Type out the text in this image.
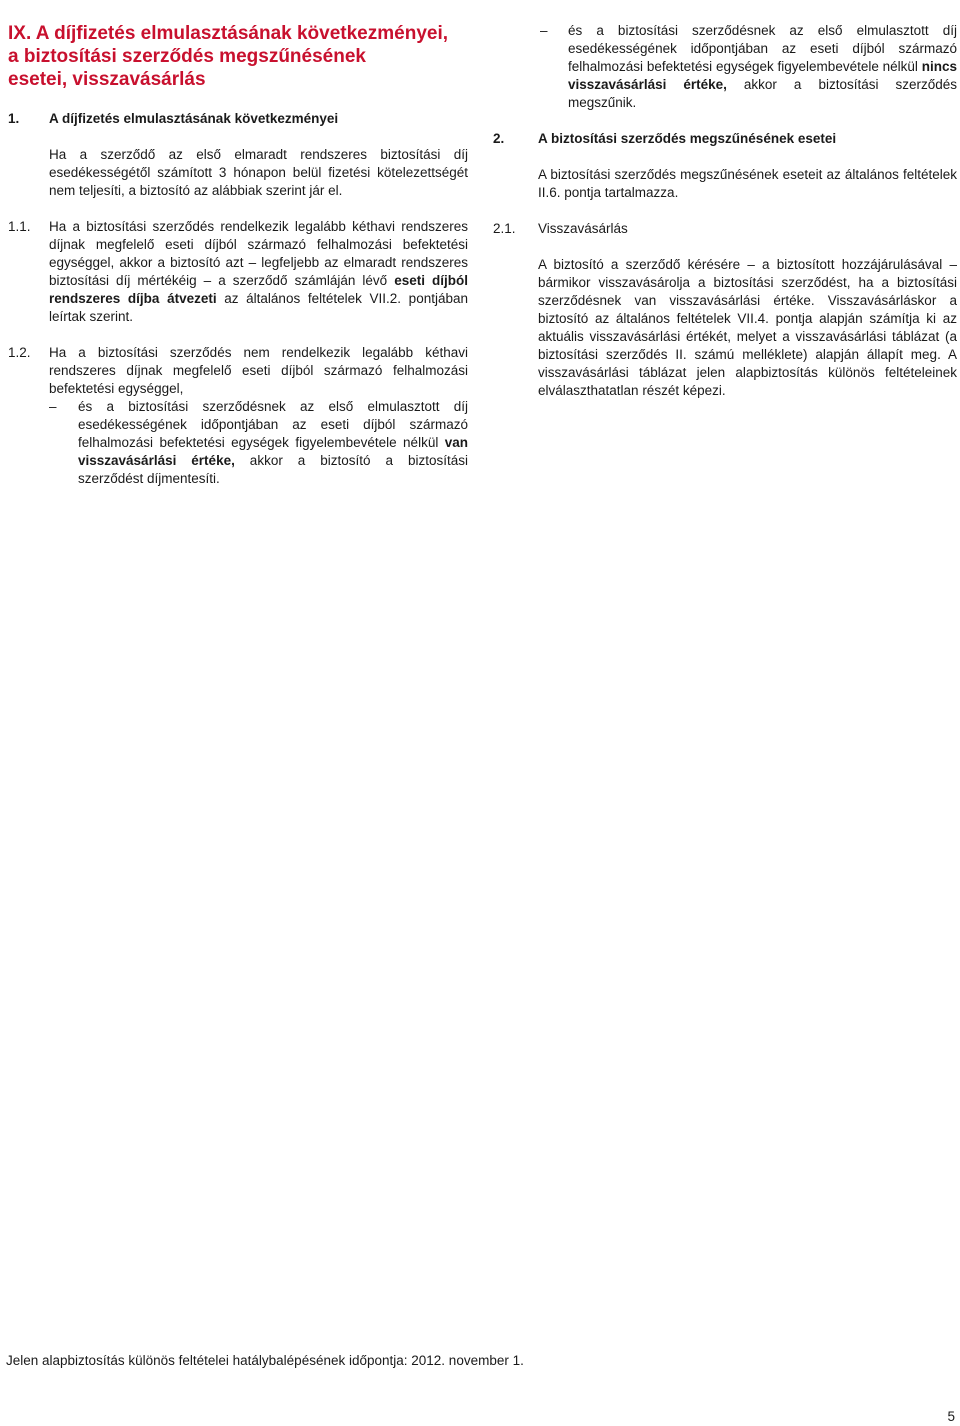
IX. A díjfizetés elmulasztásának következményei,
a biztosítási szerződés megszűnésének
esetei, visszavásárlás
1.	A díjfizetés elmulasztásának következményei

Ha a szerződő az első elmaradt rendszeres biztosítási díj esedékességétől számított 3 hónapon belül fizetési kötelezettségét nem teljesíti, a biztosító az alábbiak szerint jár el.

1.1.	Ha a biztosítási szerződés rendelkezik legalább kéthavi rendszeres díjnak megfelelő eseti díjból származó felhalmozási befektetési egységgel, akkor a biztosító azt – legfeljebb az elmaradt rendszeres biztosítási díj mértékéig – a szerződő számláján lévő eseti díjból rendszeres díjba átvezeti az általános feltételek VII.2. pontjában leírtak szerint.

1.2.	Ha a biztosítási szerződés nem rendelkezik legalább kéthavi rendszeres díjnak megfelelő eseti díjból származó felhalmozási befektetési egységgel,

–	és a biztosítási szerződésnek az első elmulasztott díj esedékességének időpontjában az eseti díjból származó felhalmozási befektetési egységek figyelembevétele nélkül van visszavásárlási értéke, akkor a biztosító a biztosítási szerződést díjmentesíti.

–	és a biztosítási szerződésnek az első elmulasztott díj esedékességének időpontjában az eseti díjból származó felhalmozási befektetési egységek figyelembevétele nélkül nincs visszavásárlási értéke, akkor a biztosítási szerződés megszűnik.

2.	A biztosítási szerződés megszűnésének esetei

A biztosítási szerződés megszűnésének eseteit az általános feltételek II.6. pontja tartalmazza.

2.1.	Visszavásárlás

A biztosító a szerződő kérésére – a biztosított hozzájárulásával – bármikor visszavásárolja a biztosítási szerződést, ha a biztosítási szerződésnek van visszavásárlási értéke. Visszavásárláskor a biztosító az általános feltételek VII.4. pontja alapján számítja ki az aktuális visszavásárlási értékét, melyet a visszavásárlási táblázat (a biztosítási szerződés II. számú melléklete) alapján állapít meg. A visszavásárlási táblázat jelen alapbiztosítás különös feltételeinek elválaszthatatlan részét képezi.

Jelen alapbiztosítás különös feltételei hatálybalépésének időpontja: 2012. november 1.

5
